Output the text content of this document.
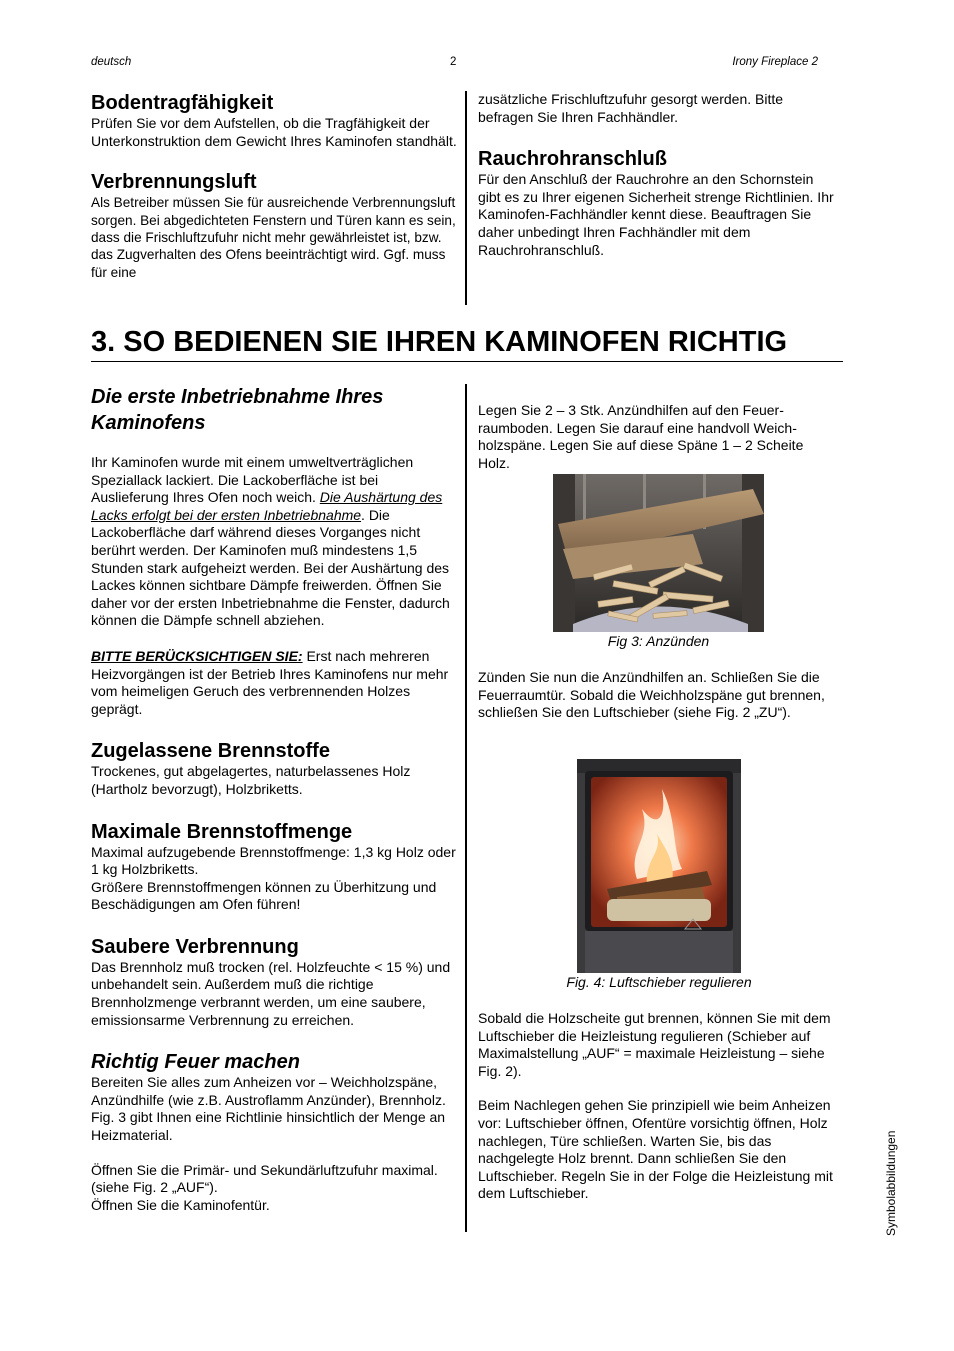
deutsch	2	Irony Fireplace 2
Bodentragfähigkeit

Prüfen Sie vor dem Aufstellen, ob die Tragfähigkeit der Unterkonstruktion dem Gewicht Ihres Kaminofen standhält.

Verbrennungsluft

Als Betreiber müssen Sie für ausreichende Verbrennungsluft sorgen. Bei abgedichteten Fenstern und Türen kann es sein, dass die Frischluftzufuhr nicht mehr gewährleistet ist, bzw. das Zugverhalten des Ofens beeinträchtigt wird. Ggf. muss für eine

zusätzliche Frischluftzufuhr gesorgt werden. Bitte befragen Sie Ihren Fachhändler.

Rauchrohranschluß

Für den Anschluß der Rauchrohre an den Schornstein gibt es zu Ihrer eigenen Sicherheit strenge Richtlinien. Ihr Kaminofen-Fachhändler kennt diese. Beauftragen Sie daher unbedingt Ihren Fachhändler mit dem Rauchrohranschluß.

3. SO BEDIENEN SIE IHREN KAMINOFEN RICHTIG
Die erste Inbetriebnahme Ihres Kaminofens

Ihr Kaminofen wurde mit einem umweltverträglichen Speziallack lackiert. Die Lackoberfläche ist bei Auslieferung Ihres Ofen noch weich. Die Aushärtung des Lacks erfolgt bei der ersten Inbetriebnahme. Die Lackoberfläche darf während dieses Vorganges nicht berührt werden. Der Kaminofen muß mindestens 1,5 Stunden stark aufgeheizt werden. Bei der Aushärtung des Lackes können sichtbare Dämpfe freiwerden. Öffnen Sie daher vor der ersten Inbetriebnahme die Fenster, dadurch können die Dämpfe schnell abziehen.

BITTE BERÜCKSICHTIGEN SIE: Erst nach mehreren Heizvorgängen ist der Betrieb Ihres Kaminofens nur mehr vom heimeligen Geruch des verbrennenden Holzes geprägt.

Zugelassene Brennstoffe

Trockenes, gut abgelagertes, naturbelassenes Holz (Hartholz bevorzugt), Holzbriketts.

Maximale Brennstoffmenge

Maximal aufzugebende Brennstoffmenge: 1,3 kg Holz oder 1 kg Holzbriketts.

Größere Brennstoffmengen können zu Überhitzung und Beschädigungen am Ofen führen!

Saubere Verbrennung

Das Brennholz muß trocken (rel. Holzfeuchte < 15 %) und unbehandelt sein. Außerdem muß die richtige Brennholzmenge verbrannt werden, um eine saubere, emissionsarme Verbrennung zu erreichen.

Richtig Feuer machen

Bereiten Sie alles zum Anheizen vor – Weichholzspäne, Anzündhilfe (wie z.B. Austroflamm Anzünder), Brennholz. Fig. 3 gibt Ihnen eine Richtlinie hinsichtlich der Menge an Heizmaterial.

Öffnen Sie die Primär- und Sekundärluftzufuhr maximal. (siehe Fig. 2 „AUF“).

Öffnen Sie die Kaminofentür.

Legen Sie 2 – 3 Stk. Anzündhilfen auf den Feuerraumboden. Legen Sie darauf eine handvoll Weichholzspäne. Legen Sie auf diese Späne 1 – 2 Scheite Holz.

Fig 3: Anzünden
Zünden Sie nun die Anzündhilfen an. Schließen Sie die Feuerraumtür. Sobald die Weichholzspäne gut brennen, schließen Sie den Luftschieber (siehe Fig. 2 „ZU“).
Fig. 4: Luftschieber regulieren

Sobald die Holzscheite gut brennen, können Sie mit dem Luftschieber die Heizleistung regulieren (Schieber auf Maximalstellung „AUF“ = maximale Heizleistung – siehe Fig. 2).

Beim Nachlegen gehen Sie prinzipiell wie beim Anheizen vor: Luftschieber öffnen, Ofentüre vorsichtig öffnen, Holz nachlegen, Türe schließen. Warten Sie, bis das nachgelegte Holz brennt. Dann schließen Sie den Luftschieber. Regeln Sie in der Folge die Heizleistung mit dem Luftschieber.	Symbolabbildungen
